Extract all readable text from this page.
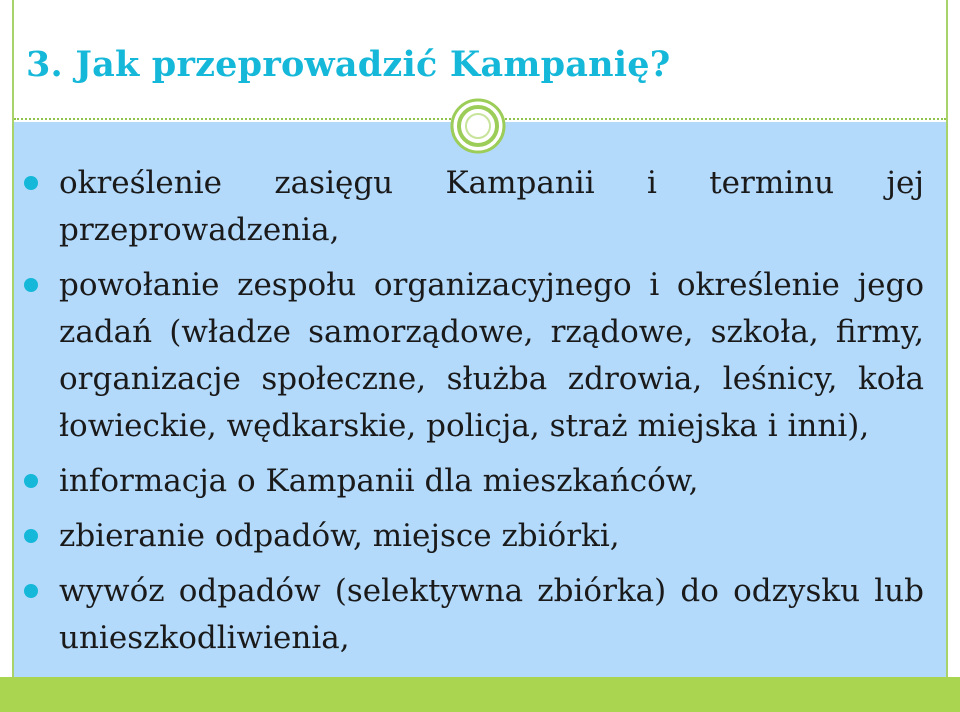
3. Jak przeprowadzić Kampanię?
określenie zasięgu Kampanii i terminu jej przeprowadzenia,
powołanie zespołu organizacyjnego i określenie jego zadań (władze samorządowe, rządowe, szkoła, firmy, organizacje społeczne, służba zdrowia, leśnicy, koła łowieckie, wędkarskie, policja, straż miejska i inni),
informacja o Kampanii dla mieszkańców,
zbieranie odpadów, miejsce zbiórki,
wywóz odpadów (selektywna zbiórka) do odzysku lub unieszkodliwienia,
